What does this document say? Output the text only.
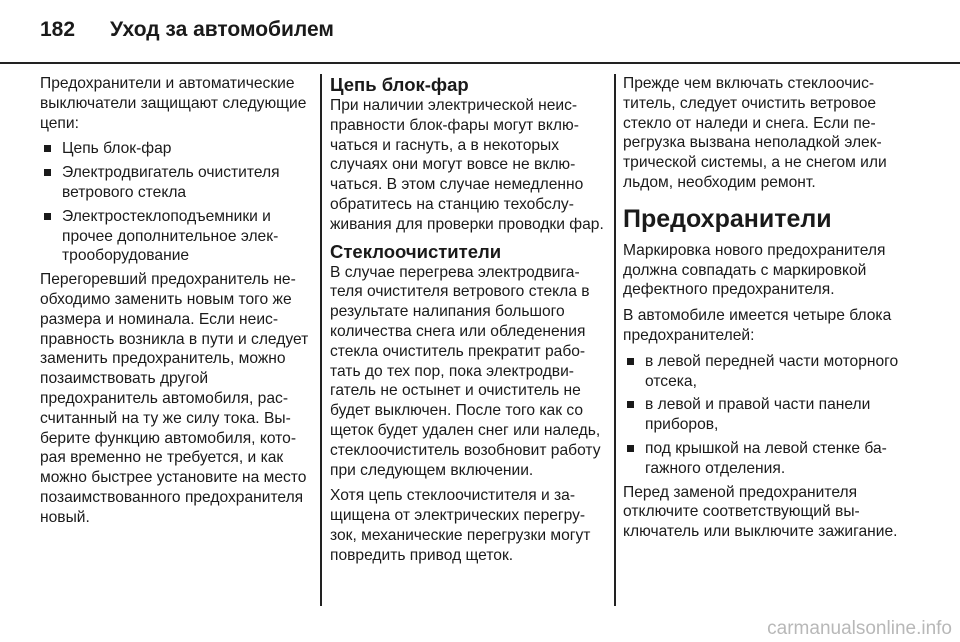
182	Уход за автомобилем

Предохранители и автоматические выключатели защищают следующие цепи:

Цепь блок-фар
Электродвигатель очистителя ветрового стекла
Электростеклоподъемники и прочее дополнительное электрооборудование

Перегоревший предохранитель необходимо заменить новым того же размера и номинала. Если неисправность возникла в пути и следует заменить предохранитель, можно позаимствовать другой предохранитель автомобиля, рассчитанный на ту же силу тока. Выберите функцию автомобиля, которая временно не требуется, и как можно быстрее установите на место позаимствованного предохранителя новый.

Цепь блок-фар

При наличии электрической неисправности блок-фары могут включаться и гаснуть, а в некоторых случаях они могут вовсе не включаться. В этом случае немедленно обратитесь на станцию техобслуживания для проверки проводки фар.

Стеклоочистители

В случае перегрева электродвигателя очистителя ветрового стекла в результате налипания большого количества снега или обледенения стекла очиститель прекратит работать до тех пор, пока электродвигатель не остынет и очиститель не будет выключен. После того как со щеток будет удален снег или наледь, стеклоочиститель возобновит работу при следующем включении.

Хотя цепь стеклоочистителя и защищена от электрических перегрузок, механические перегрузки могут повредить привод щеток.

Прежде чем включать стеклоочиститель, следует очистить ветровое стекло от наледи и снега. Если перегрузка вызвана неполадкой электрической системы, а не снегом или льдом, необходим ремонт.

Предохранители

Маркировка нового предохранителя должна совпадать с маркировкой дефектного предохранителя.

В автомобиле имеется четыре блока предохранителей:

в левой передней части моторного отсека,
в левой и правой части панели приборов,
под крышкой на левой стенке багажного отделения.

Перед заменой предохранителя отключите соответствующий выключатель или выключите зажигание.

carmanualsonline.info
